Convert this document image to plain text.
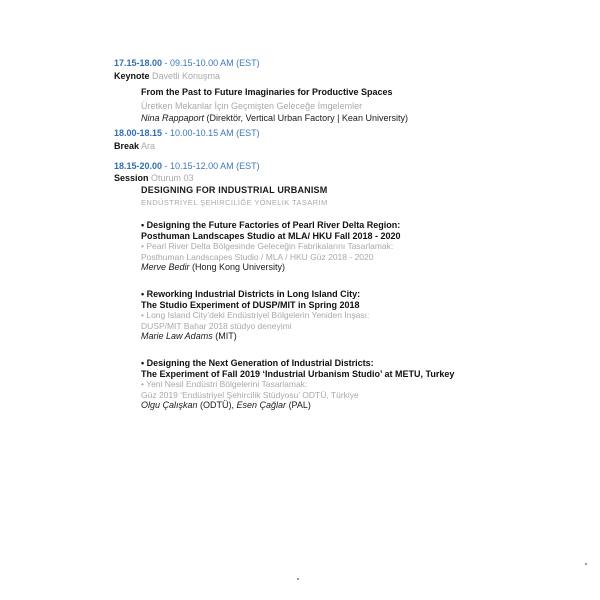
17.15-18.00 - 09.15-10.00 AM (EST)
Keynote Davetli Konuşma
From the Past to Future Imaginaries for Productive Spaces
Üretken Mekanlar İçin Geçmişten Geleceğe İmgelemler
Nina Rappaport (Direktör, Vertical Urban Factory | Kean University)
18.00-18.15 - 10.00-10.15 AM (EST)
Break Ara
18.15-20.00 - 10.15-12.00 AM (EST)
Session Oturum 03
DESIGNING FOR INDUSTRIAL URBANISM
ENDÜSTRİYEL ŞEHİRCİLİĞE YÖNELİK TASARIM
• Designing the Future Factories of Pearl River Delta Region:
Posthuman Landscapes Studio at MLA/ HKU Fall 2018 - 2020
• Pearl River Delta Bölgesinde Geleceğin Fabrikalarını Tasarlamak:
Posthuman Landscapes Studio / MLA / HKU Güz 2018 - 2020
Merve Bedir (Hong Kong University)
• Reworking Industrial Districts in Long Island City:
The Studio Experiment of DUSP/MIT in Spring 2018
• Long Island City’deki Endüstriyel Bölgelerin Yeniden İnşası:
DUSP/MIT Bahar 2018 stüdyo deneyimi
Marie Law Adams (MIT)
• Designing the Next Generation of Industrial Districts:
The Experiment of Fall 2019 ‘Industrial Urbanism Studio’ at METU, Turkey
• Yeni Nesil Endüstri Bölgelerini Tasarlamak:
Güz 2019 ‘Endüstriyel Şehircilik Stüdyosu’ ODTÜ, Türkiye
Olgu Çalışkan (ODTÜ), Esen Çağlar (PAL)
